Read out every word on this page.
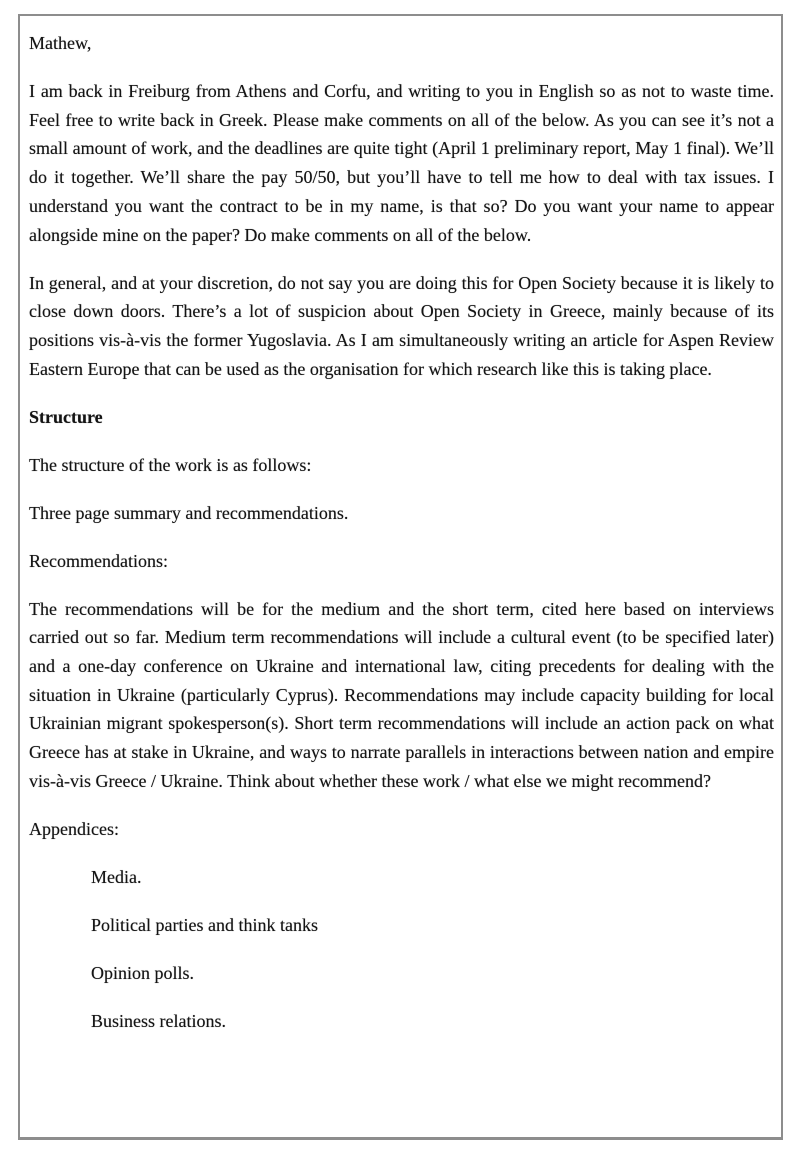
Mathew,

I am back in Freiburg from Athens and Corfu, and writing to you in English so as not to waste time. Feel free to write back in Greek. Please make comments on all of the below. As you can see it’s not a small amount of work, and the deadlines are quite tight (April 1 preliminary report, May 1 final). We’ll do it together. We’ll share the pay 50/50, but you’ll have to tell me how to deal with tax issues. I understand you want the contract to be in my name, is that so? Do you want your name to appear alongside mine on the paper? Do make comments on all of the below.

In general, and at your discretion, do not say you are doing this for Open Society because it is likely to close down doors. There’s a lot of suspicion about Open Society in Greece, mainly because of its positions vis-à-vis the former Yugoslavia. As I am simultaneously writing an article for Aspen Review Eastern Europe that can be used as the organisation for which research like this is taking place.

Structure

The structure of the work is as follows:

Three page summary and recommendations.

Recommendations:

The recommendations will be for the medium and the short term, cited here based on interviews carried out so far. Medium term recommendations will include a cultural event (to be specified later) and a one-day conference on Ukraine and international law, citing precedents for dealing with the situation in Ukraine (particularly Cyprus). Recommendations may include capacity building for local Ukrainian migrant spokesperson(s). Short term recommendations will include an action pack on what Greece has at stake in Ukraine, and ways to narrate parallels in interactions between nation and empire vis-à-vis Greece / Ukraine. Think about whether these work / what else we might recommend?

Appendices:

Media.

Political parties and think tanks

Opinion polls.

Business relations.
